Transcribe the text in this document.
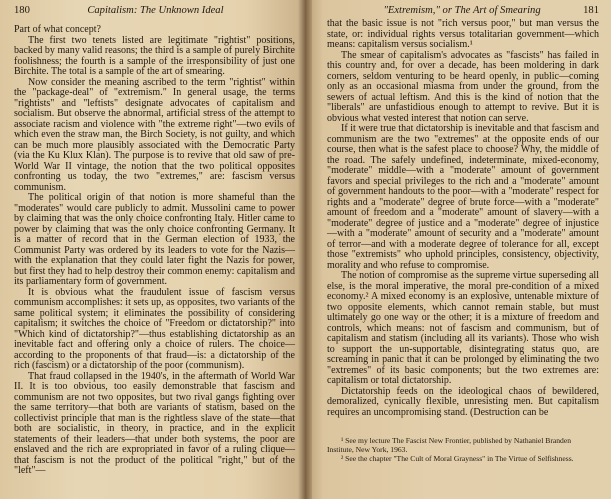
180	Capitalism: The Unknown Ideal

Part of what concept?

The first two tenets listed are legitimate "rightist" positions, backed by many valid reasons; the third is a sample of purely Birchite foolishness; the fourth is a sample of the irresponsibility of just one Birchite. The total is a sample of the art of smearing.

Now consider the meaning ascribed to the term "rightist" within the "package-deal" of "extremism." In general usage, the terms "rightists" and "leftists" designate advocates of capitalism and socialism. But observe the abnormal, artificial stress of the attempt to associate racism and violence with "the extreme right"—two evils of which even the straw man, the Birch Society, is not guilty, and which can be much more plausibly associated with the Democratic Party (via the Ku Klux Klan). The purpose is to revive that old saw of pre-World War II vintage, the notion that the two political opposites confronting us today, the two "extremes," are: fascism versus communism.

The political origin of that notion is more shameful than the "moderates" would care publicly to admit. Mussolini came to power by claiming that was the only choice confronting Italy. Hitler came to power by claiming that was the only choice confronting Germany. It is a matter of record that in the German election of 1933, the Communist Party was ordered by its leaders to vote for the Nazis—with the explanation that they could later fight the Nazis for power, but first they had to help destroy their common enemy: capitalism and its parliamentary form of government.

It is obvious what the fraudulent issue of fascism versus communism accomplishes: it sets up, as opposites, two variants of the same political system; it eliminates the possibility of considering capitalism; it switches the choice of "Freedom or dictatorship?" into "Which kind of dictatorship?"—thus establishing dictatorship as an inevitable fact and offering only a choice of rulers. The choice—according to the proponents of that fraud—is: a dictatorship of the rich (fascism) or a dictatorship of the poor (communism).

That fraud collapsed in the 1940's, in the aftermath of World War II. It is too obvious, too easily demonstrable that fascism and communism are not two opposites, but two rival gangs fighting over the same territory—that both are variants of statism, based on the collectivist principle that man is the rightless slave of the state—that both are socialistic, in theory, in practice, and in the explicit statements of their leaders—that under both systems, the poor are enslaved and the rich are expropriated in favor of a ruling clique—that fascism is not the product of the political "right," but of the "left"—

"Extremism," or The Art of Smearing	181

that the basic issue is not "rich versus poor," but man versus the state, or: individual rights versus totalitarian government—which means: capitalism versus socialism.¹

The smear of capitalism's advocates as "fascists" has failed in this country and, for over a decade, has been moldering in dark corners, seldom venturing to be heard openly, in public—coming only as an occasional miasma from under the ground, from the sewers of actual leftism. And this is the kind of notion that the "liberals" are unfastidious enough to attempt to revive. But it is obvious what vested interest that notion can serve.

If it were true that dictatorship is inevitable and that fascism and communism are the two "extremes" at the opposite ends of our course, then what is the safest place to choose? Why, the middle of the road. The safely undefined, indeterminate, mixed-economy, "moderate" middle—with a "moderate" amount of government favors and special privileges to the rich and a "moderate" amount of government handouts to the poor—with a "moderate" respect for rights and a "moderate" degree of brute force—with a "moderate" amount of freedom and a "moderate" amount of slavery—with a "moderate" degree of justice and a "moderate" degree of injustice—with a "moderate" amount of security and a "moderate" amount of terror—and with a moderate degree of tolerance for all, except those "extremists" who uphold principles, consistency, objectivity, morality and who refuse to compromise.

The notion of compromise as the supreme virtue superseding all else, is the moral imperative, the moral pre-condition of a mixed economy.² A mixed economy is an explosive, untenable mixture of two opposite elements, which cannot remain stable, but must ultimately go one way or the other; it is a mixture of freedom and controls, which means: not of fascism and communism, but of capitalism and statism (including all its variants). Those who wish to support the un-supportable, disintegrating status quo, are screaming in panic that it can be prolonged by eliminating the two "extremes" of its basic components; but the two extremes are: capitalism or total dictatorship.

Dictatorship feeds on the ideological chaos of bewildered, demoralized, cynically flexible, unresisting men. But capitalism requires an uncompromising stand. (Destruction can be

¹ See my lecture The Fascist New Frontier, published by Nathaniel Branden Institute, New York, 1963.

² See the chapter "The Cult of Moral Grayness" in The Virtue of Selfishness.
